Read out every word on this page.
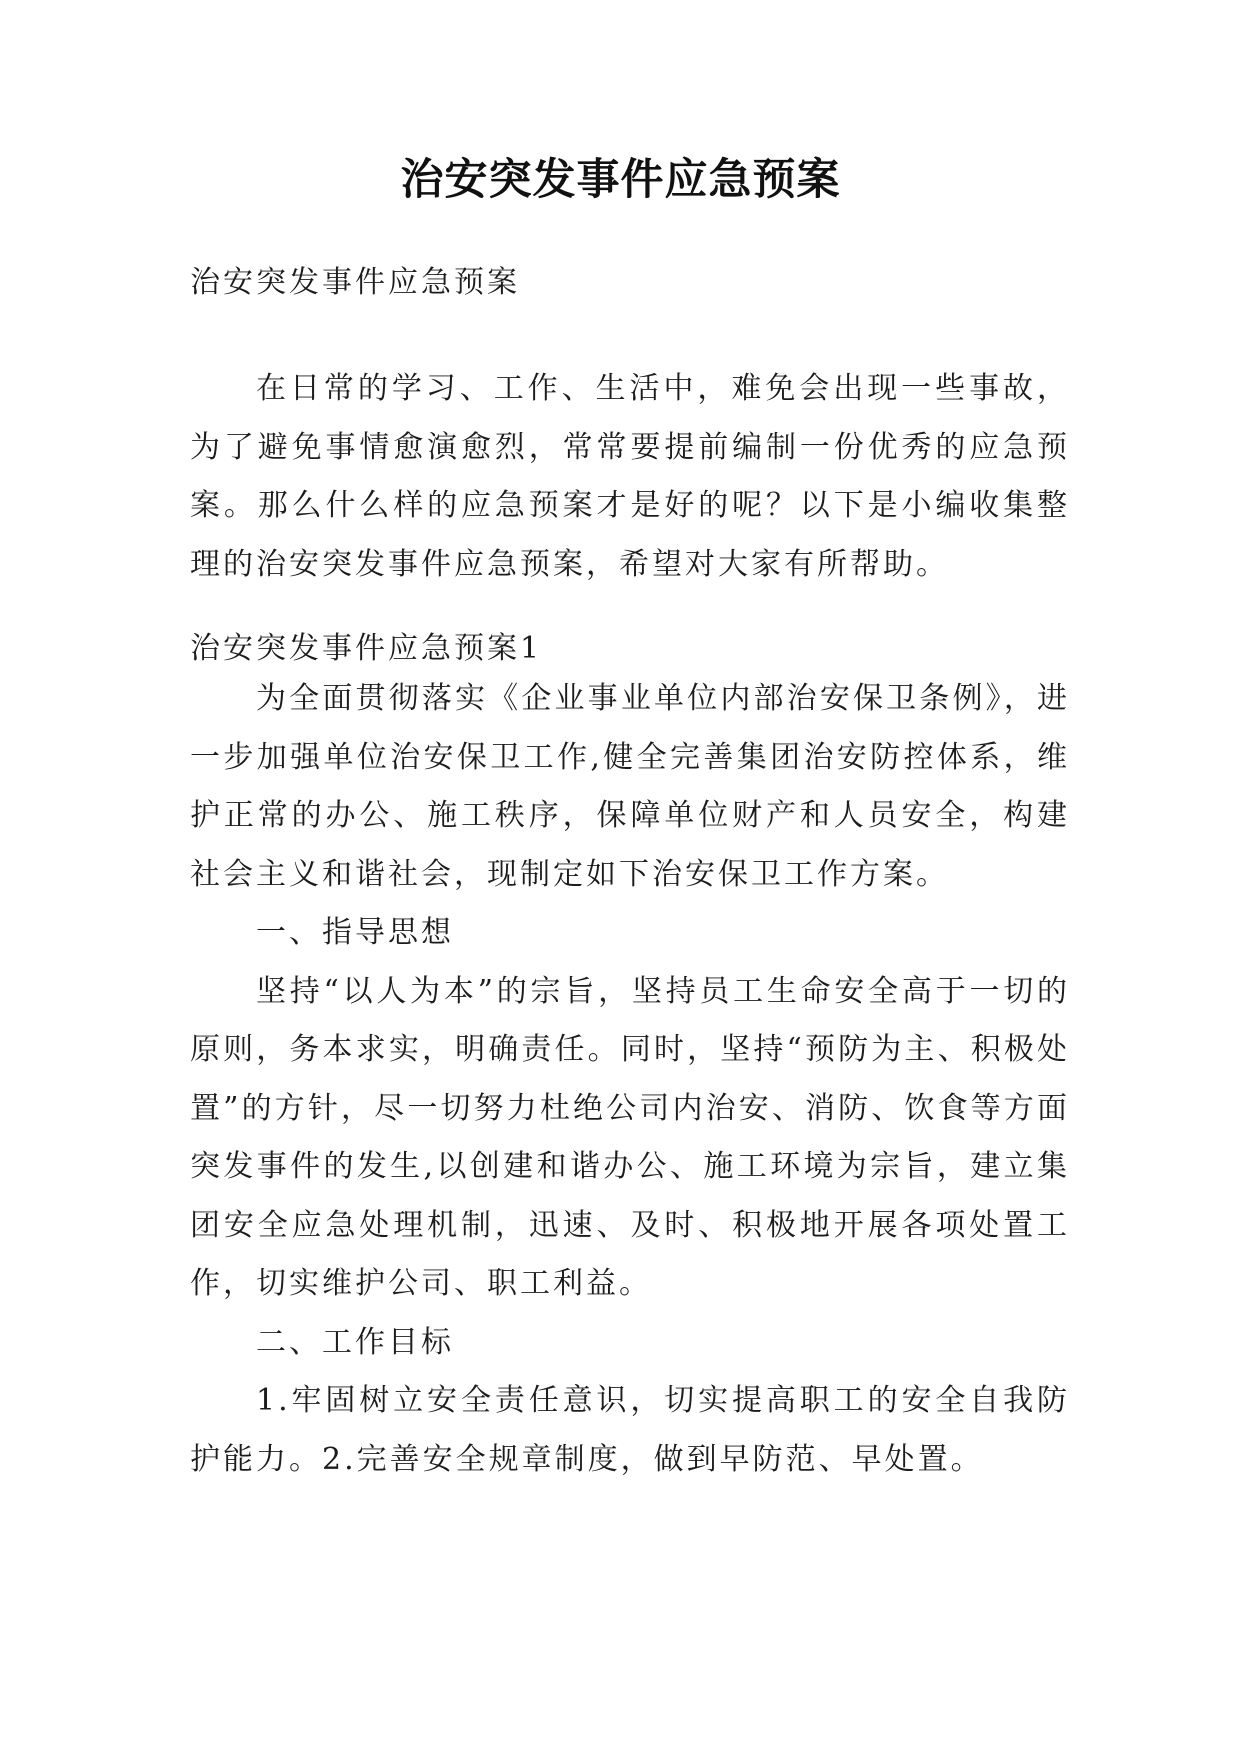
治安突发事件应急预案
治安突发事件应急预案
在日常的学习、工作、生活中，难免会出现一些事故，为了避免事情愈演愈烈，常常要提前编制一份优秀的应急预案。那么什么样的应急预案才是好的呢？以下是小编收集整理的治安突发事件应急预案，希望对大家有所帮助。
治安突发事件应急预案1

为全面贯彻落实《企业事业单位内部治安保卫条例》，进一步加强单位治安保卫工作,健全完善集团治安防控体系，维护正常的办公、施工秩序，保障单位财产和人员安全，构建社会主义和谐社会，现制定如下治安保卫工作方案。

一、指导思想

坚持“以人为本”的宗旨，坚持员工生命安全高于一切的原则，务本求实，明确责任。同时，坚持“预防为主、积极处置”的方针，尽一切努力杜绝公司内治安、消防、饮食等方面突发事件的发生,以创建和谐办公、施工环境为宗旨，建立集团安全应急处理机制，迅速、及时、积极地开展各项处置工作，切实维护公司、职工利益。

二、工作目标

1.牢固树立安全责任意识，切实提高职工的安全自我防护能力。2.完善安全规章制度，做到早防范、早处置。
